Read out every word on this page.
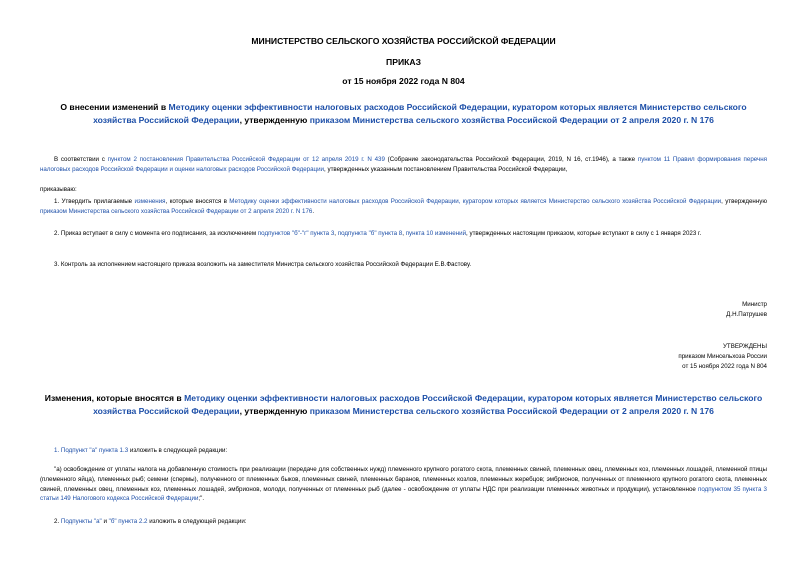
МИНИСТЕРСТВО СЕЛЬСКОГО ХОЗЯЙСТВА РОССИЙСКОЙ ФЕДЕРАЦИИ
ПРИКАЗ
от 15 ноября 2022 года N 804
О внесении изменений в Методику оценки эффективности налоговых расходов Российской Федерации, куратором которых является Министерство сельского хозяйства Российской Федерации, утвержденную приказом Министерства сельского хозяйства Российской Федерации от 2 апреля 2020 г. N 176
В соответствии с пунктом 2 постановления Правительства Российской Федерации от 12 апреля 2019 г. N 439 (Собрание законодательства Российской Федерации, 2019, N 16, ст.1946), а также пунктом 11 Правил формирования перечня налоговых расходов Российской Федерации и оценки налоговых расходов Российской Федерации, утвержденных указанным постановлением Правительства Российской Федерации,
приказываю:
1. Утвердить прилагаемые изменения, которые вносятся в Методику оценки эффективности налоговых расходов Российской Федерации, куратором которых является Министерство сельского хозяйства Российской Федерации, утвержденную приказом Министерства сельского хозяйства Российской Федерации от 2 апреля 2020 г. N 176.
2. Приказ вступает в силу с момента его подписания, за исключением подпунктов "б"-"г" пункта 3, подпункта "б" пункта 8, пункта 10 изменений, утвержденных настоящим приказом, которые вступают в силу с 1 января 2023 г.
3. Контроль за исполнением настоящего приказа возложить на заместителя Министра сельского хозяйства Российской Федерации Е.В.Фастову.
Министр
Д.Н.Патрушев
УТВЕРЖДЕНЫ
приказом Минсельхоза России
от 15 ноября 2022 года N 804
Изменения, которые вносятся в Методику оценки эффективности налоговых расходов Российской Федерации, куратором которых является Министерство сельского хозяйства Российской Федерации, утвержденную приказом Министерства сельского хозяйства Российской Федерации от 2 апреля 2020 г. N 176
1. Подпункт "а" пункта 1.3 изложить в следующей редакции:
"а) освобождение от уплаты налога на добавленную стоимость при реализации (передаче для собственных нужд) племенного крупного рогатого скота, племенных свиней, племенных овец, племенных коз, племенных лошадей, племенной птицы (племенного яйца), племенных рыб; семени (спермы), полученного от племенных быков, племенных свиней, племенных баранов, племенных козлов, племенных жеребцов; эмбрионов, полученных от племенного крупного рогатого скота, племенных свиней, племенных овец, племенных коз, племенных лошадей, эмбрионов, молоди, полученных от племенных рыб (далее - освобождение от уплаты НДС при реализации племенных животных и продукции), установленное подпунктом 35 пункта 3 статьи 149 Налогового кодекса Российской Федерации;".
2. Подпункты "а" и "б" пункта 2.2 изложить в следующей редакции:
